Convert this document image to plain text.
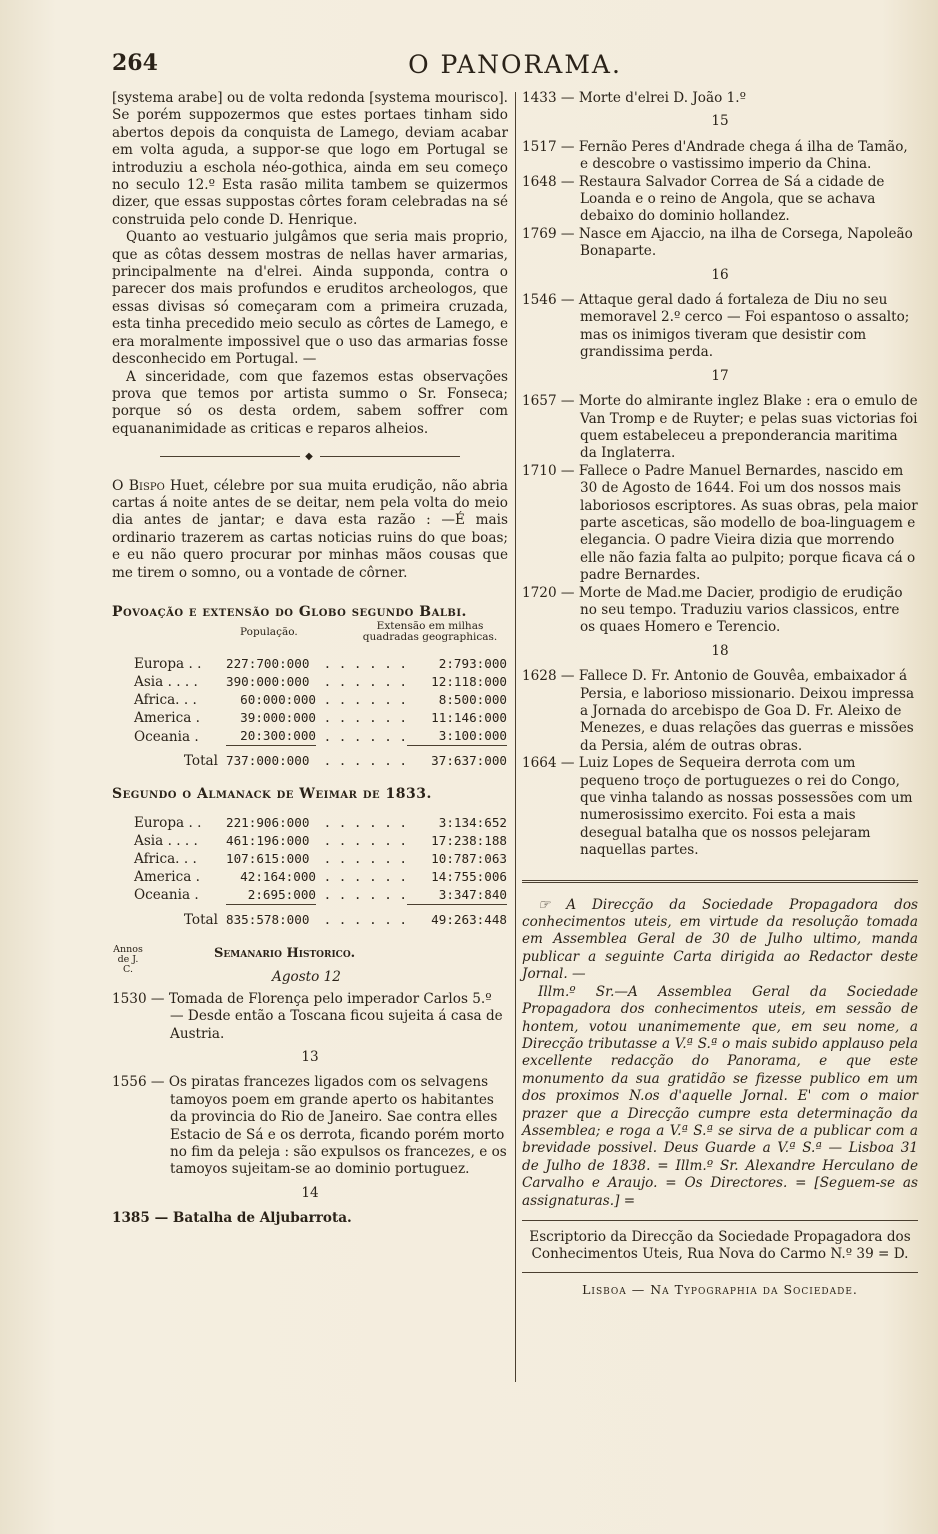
264	O PANORAMA.

[systema arabe] ou de volta redonda [systema mourisco]. Se porém suppozermos que estes portaes tinham sido abertos depois da conquista de Lamego, deviam acabar em volta aguda, a suppor-se que logo em Portugal se introduziu a eschola néo-gothica, ainda em seu começo no seculo 12.º Esta rasão milita tambem se quizermos dizer, que essas suppostas côrtes foram celebradas na sé construida pelo conde D. Henrique.

Quanto ao vestuario julgâmos que seria mais proprio, que as côtas dessem mostras de nellas haver armarias, principalmente na d'elrei. Ainda supponda, contra o parecer dos mais profundos e eruditos archeologos, que essas divisas só começaram com a primeira cruzada, esta tinha precedido meio seculo as côrtes de Lamego, e era moralmente impossivel que o uso das armarias fosse desconhecido em Portugal. —

A sinceridade, com que fazemos estas observações prova que temos por artista summo o Sr. Fonseca; porque só os desta ordem, sabem soffrer com equananimidade as criticas e reparos alheios.

◆

O Bispo Huet, célebre por sua muita erudição, não abria cartas á noite antes de se deitar, nem pela volta do meio dia antes de jantar; e dava esta razão : —É mais ordinario trazerem as cartas noticias ruins do que boas; e eu não quero procurar por minhas mãos cousas que me tirem o somno, ou a vontade de côrner.

Povoação e extensão do Globo segundo Balbi.
População.	Extensão em milhas quadradas geographicas.
Europa . .	227:700:000	. . . . . .	2:793:000
Asia . . . .	390:000:000	. . . . . .	12:118:000
Africa. . .	60:000:000	. . . . . .	8:500:000
America .	39:000:000	. . . . . .	11:146:000
Oceania .	20:300:000	. . . . . .	3:100:000
Total	737:000:000	. . . . . .	37:637:000
Segundo o Almanack de Weimar de 1833.
Europa . .	221:906:000	. . . . . .	3:134:652
Asia . . . .	461:196:000	. . . . . .	17:238:188
Africa. . .	107:615:000	. . . . . .	10:787:063
America .	42:164:000	. . . . . .	14:755:006
Oceania .	2:695:000	. . . . . .	3:347:840
Total	835:578:000	. . . . . .	49:263:448
Annos de J. C.
Semanario Historico.
Agosto 12

1530 — Tomada de Florença pelo imperador Carlos 5.º — Desde então a Toscana ficou sujeita á casa de Austria.

13

1556 — Os piratas francezes ligados com os selvagens tamoyos poem em grande aperto os habitantes da provincia do Rio de Janeiro. Sae contra elles Estacio de Sá e os derrota, ficando porém morto no fim da peleja : são expulsos os francezes, e os tamoyos sujeitam-se ao dominio portuguez.

14

1385 — Batalha de Aljubarrota.

1433 — Morte d'elrei D. João 1.º

15

1517 — Fernão Peres d'Andrade chega á ilha de Tamão, e descobre o vastissimo imperio da China.

1648 — Restaura Salvador Correa de Sá a cidade de Loanda e o reino de Angola, que se achava debaixo do dominio hollandez.

1769 — Nasce em Ajaccio, na ilha de Corsega, Napoleão Bonaparte.

16

1546 — Attaque geral dado á fortaleza de Diu no seu memoravel 2.º cerco — Foi espantoso o assalto; mas os inimigos tiveram que desistir com grandissima perda.

17

1657 — Morte do almirante inglez Blake : era o emulo de Van Tromp e de Ruyter; e pelas suas victorias foi quem estabeleceu a preponderancia maritima da Inglaterra.

1710 — Fallece o Padre Manuel Bernardes, nascido em 30 de Agosto de 1644. Foi um dos nossos mais laboriosos escriptores. As suas obras, pela maior parte asceticas, são modello de boa-linguagem e elegancia. O padre Vieira dizia que morrendo elle não fazia falta ao pulpito; porque ficava cá o padre Bernardes.

1720 — Morte de Mad.me Dacier, prodigio de erudição no seu tempo. Traduziu varios classicos, entre os quaes Homero e Terencio.

18

1628 — Fallece D. Fr. Antonio de Gouvêa, embaixador á Persia, e laborioso missionario. Deixou impressa a Jornada do arcebispo de Goa D. Fr. Aleixo de Menezes, e duas relações das guerras e missões da Persia, além de outras obras.

1664 — Luiz Lopes de Sequeira derrota com um pequeno troço de portuguezes o rei do Congo, que vinha talando as nossas possessões com um numerosissimo exercito. Foi esta a mais desegual batalha que os nossos pelejaram naquellas partes.

☞ A Direcção da Sociedade Propagadora dos conhecimentos uteis, em virtude da resolução tomada em Assemblea Geral de 30 de Julho ultimo, manda publicar a seguinte Carta dirigida ao Redactor deste Jornal. —

Illm.º Sr.—A Assemblea Geral da Sociedade Propagadora dos conhecimentos uteis, em sessão de hontem, votou unanimemente que, em seu nome, a Direcção tributasse a V.ª S.ª o mais subido applauso pela excellente redacção do Panorama, e que este monumento da sua gratidão se fizesse publico em um dos proximos N.os d'aquelle Jornal. E' com o maior prazer que a Direcção cumpre esta determinação da Assemblea; e roga a V.ª S.ª se sirva de a publicar com a brevidade possivel. Deus Guarde a V.ª S.ª — Lisboa 31 de Julho de 1838. = Illm.º Sr. Alexandre Herculano de Carvalho e Araujo. = Os Directores. = [Seguem-se as assignaturas.] =

Escriptorio da Direcção da Sociedade Propagadora dos Conhecimentos Uteis, Rua Nova do Carmo N.º 39 = D.

Lisboa — Na Typographia da Sociedade.
